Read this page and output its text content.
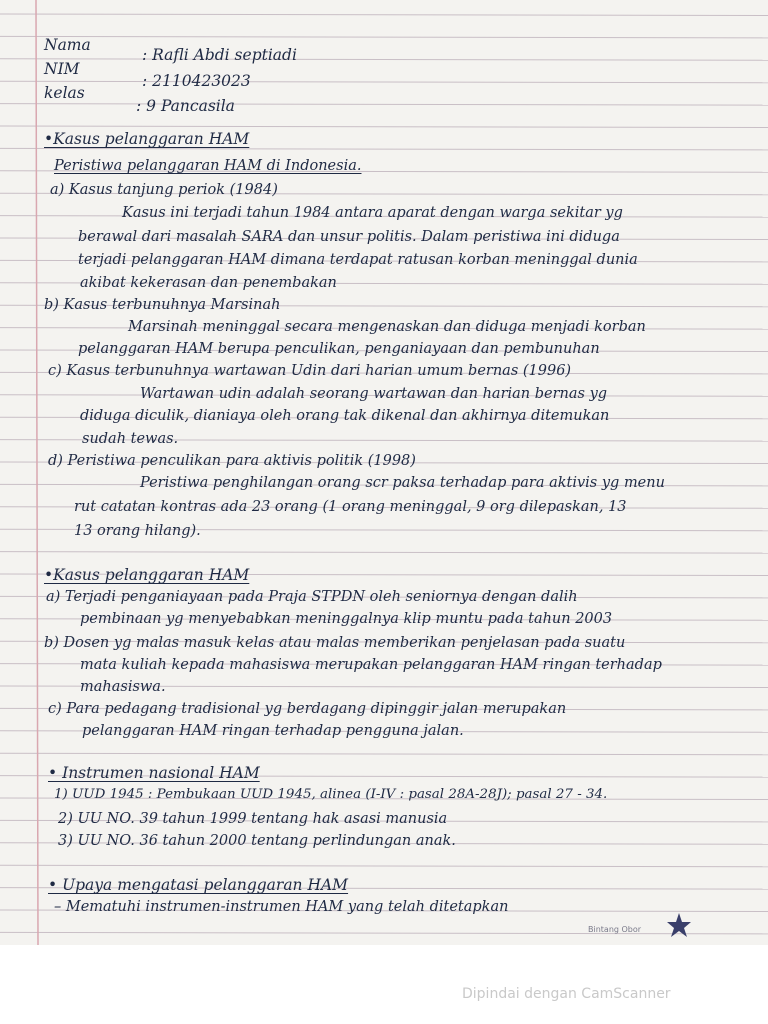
Nama
: Rafli Abdi septiadi
NIM
: 2110423023
kelas
: 9 Pancasila
•Kasus pelanggaran HAM
Peristiwa pelanggaran HAM di Indonesia.
a) Kasus tanjung periok (1984)
Kasus ini terjadi tahun 1984 antara aparat dengan warga sekitar yg
berawal dari masalah SARA dan unsur politis. Dalam peristiwa ini diduga
terjadi pelanggaran HAM dimana terdapat ratusan korban meninggal dunia
akibat kekerasan dan penembakan
b) Kasus terbunuhnya Marsinah
Marsinah meninggal secara mengenaskan dan diduga menjadi korban
pelanggaran HAM berupa penculikan, penganiayaan dan pembunuhan
c) Kasus terbunuhnya wartawan Udin dari harian umum bernas (1996)
Wartawan udin adalah seorang wartawan dan harian bernas yg
diduga diculik, dianiaya oleh orang tak dikenal dan akhirnya ditemukan
sudah tewas.
d) Peristiwa penculikan para aktivis politik (1998)
Peristiwa penghilangan orang scr paksa terhadap para aktivis yg menu
rut catatan kontras ada 23 orang (1 orang meninggal, 9 org dilepaskan, 13
13 orang hilang).
•Kasus pelanggaran HAM
a) Terjadi penganiayaan pada Praja STPDN oleh seniornya dengan dalih
pembinaan yg menyebabkan meninggalnya klip muntu pada tahun 2003
b) Dosen yg malas masuk kelas atau malas memberikan penjelasan pada suatu
mata kuliah kepada mahasiswa merupakan pelanggaran HAM ringan terhadap
mahasiswa.
c) Para pedagang tradisional yg berdagang dipinggir jalan merupakan
pelanggaran HAM ringan terhadap pengguna jalan.
• Instrumen nasional HAM
1) UUD 1945 : Pembukaan UUD 1945, alinea (I-IV : pasal 28A-28J); pasal 27 - 34.
2) UU NO. 39 tahun 1999 tentang hak asasi manusia
3) UU NO. 36 tahun 2000 tentang perlindungan anak.
• Upaya mengatasi pelanggaran HAM
– Mematuhi instrumen-instrumen HAM yang telah ditetapkan
Bintang Obor
Dipindai dengan CamScanner
